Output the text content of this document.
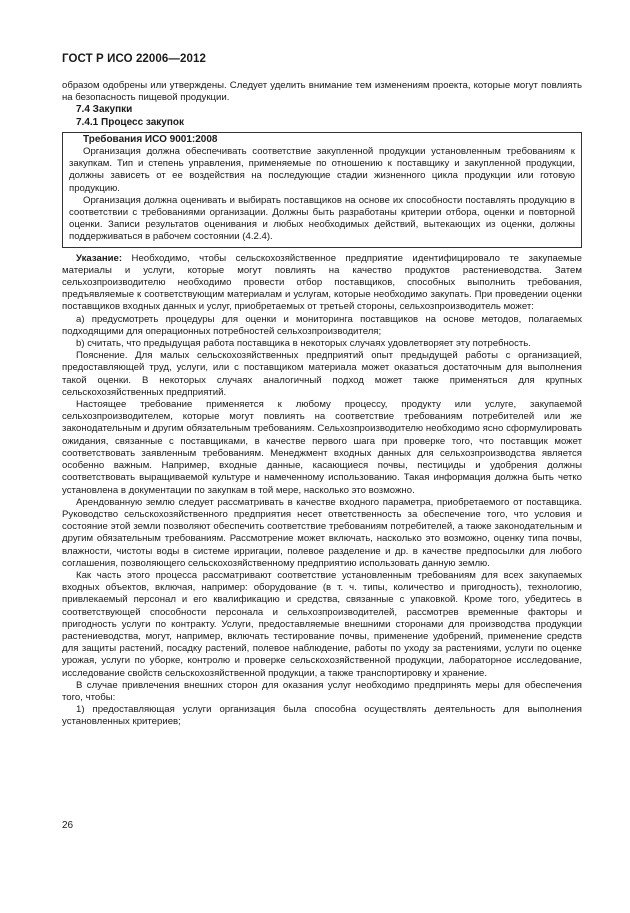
ГОСТ Р ИСО 22006—2012

образом одобрены или утверждены. Следует уделить внимание тем изменениям проекта, которые могут повлиять на безопасность пищевой продукции.

7.4 Закупки

7.4.1 Процесс закупок

Требования ИСО 9001:2008

Организация должна обеспечивать соответствие закупленной продукции установленным требованиям к закупкам. Тип и степень управления, применяемые по отношению к поставщику и закупленной продукции, должны зависеть от ее воздействия на последующие стадии жизненного цикла продукции или готовую продукцию.

Организация должна оценивать и выбирать поставщиков на основе их способности поставлять продукцию в соответствии с требованиями организации. Должны быть разработаны критерии отбора, оценки и повторной оценки. Записи результатов оценивания и любых необходимых действий, вытекающих из оценки, должны поддерживаться в рабочем состоянии (4.2.4).

Указание: Необходимо, чтобы сельскохозяйственное предприятие идентифицировало те закупаемые материалы и услуги, которые могут повлиять на качество продуктов растениеводства. Затем сельхозпроизводителю необходимо провести отбор поставщиков, способных выполнить требования, предъявляемые к соответствующим материалам и услугам, которые необходимо закупать. При проведении оценки поставщиков входных данных и услуг, приобретаемых от третьей стороны, сельхозпроизводитель может:

а) предусмотреть процедуры для оценки и мониторинга поставщиков на основе методов, полагаемых подходящими для операционных потребностей сельхозпроизводителя;

b) считать, что предыдущая работа поставщика в некоторых случаях удовлетворяет эту потребность.

Пояснение. Для малых сельскохозяйственных предприятий опыт предыдущей работы с организацией, предоставляющей труд, услуги, или с поставщиком материала может оказаться достаточным для выполнения такой оценки. В некоторых случаях аналогичный подход может также применяться для крупных сельскохозяйственных предприятий.

Настоящее требование применяется к любому процессу, продукту или услуге, закупаемой сельхозпроизводителем, которые могут повлиять на соответствие требованиям потребителей или же законодательным и другим обязательным требованиям. Сельхозпроизводителю необходимо ясно сформулировать ожидания, связанные с поставщиками, в качестве первого шага при проверке того, что поставщик может соответствовать заявленным требованиям. Менеджмент входных данных для сельхозпроизводства является особенно важным. Например, входные данные, касающиеся почвы, пестициды и удобрения должны соответствовать выращиваемой культуре и намеченному использованию. Такая информация должна быть четко установлена в документации по закупкам в той мере, насколько это возможно.

Арендованную землю следует рассматривать в качестве входного параметра, приобретаемого от поставщика. Руководство сельскохозяйственного предприятия несет ответственность за обеспечение того, что условия и состояние этой земли позволяют обеспечить соответствие требованиям потребителей, а также законодательным и другим обязательным требованиям. Рассмотрение может включать, насколько это возможно, оценку типа почвы, влажности, чистоты воды в системе ирригации, полевое разделение и др. в качестве предпосылки для любого соглашения, позволяющего сельскохозяйственному предприятию использовать данную землю.

Как часть этого процесса рассматривают соответствие установленным требованиям для всех закупаемых входных объектов, включая, например: оборудование (в т. ч. типы, количество и пригодность), технологию, привлекаемый персонал и его квалификацию и средства, связанные с упаковкой. Кроме того, убедитесь в соответствующей способности персонала и сельхозпроизводителей, рассмотрев временные факторы и пригодность услуги по контракту. Услуги, предоставляемые внешними сторонами для производства продукции растениеводства, могут, например, включать тестирование почвы, применение удобрений, применение средств для защиты растений, посадку растений, полевое наблюдение, работы по уходу за растениями, услуги по оценке урожая, услуги по уборке, контролю и проверке сельскохозяйственной продукции, лабораторное исследование, исследование свойств сельскохозяйственной продукции, а также транспортировку и хранение.

В случае привлечения внешних сторон для оказания услуг необходимо предпринять меры для обеспечения того, чтобы:

1) предоставляющая услуги организация была способна осуществлять деятельность для выполнения установленных критериев;

26
